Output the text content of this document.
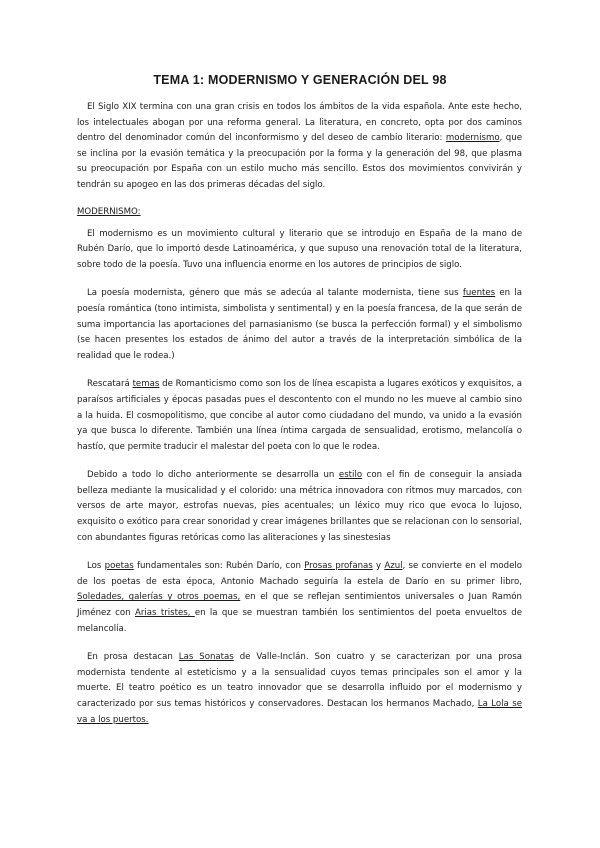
TEMA 1: MODERNISMO Y GENERACIÓN DEL 98

El Siglo XIX termina con una gran crisis en todos los ámbitos de la vida española. Ante este hecho, los intelectuales abogan por una reforma general. La literatura, en concreto, opta por dos caminos dentro del denominador común del inconformismo y del deseo de cambio literario: modernismo, que se inclina por la evasión temática y la preocupación por la forma y la generación del 98, que plasma su preocupación por España con un estilo mucho más sencillo. Estos dos movimientos convivirán y tendrán su apogeo en las dos primeras décadas del siglo.

MODERNISMO:

El modernismo es un movimiento cultural y literario que se introdujo en España de la mano de Rubén Darío, que lo importó desde Latinoamérica, y que supuso una renovación total de la literatura, sobre todo de la poesía. Tuvo una influencia enorme en los autores de principios de siglo.

La poesía modernista, género que más se adecúa al talante modernista, tiene sus fuentes en la poesía romántica (tono intimista, simbolista y sentimental) y en la poesía francesa, de la que serán de suma importancia las aportaciones del parnasianismo (se busca la perfección formal) y el simbolismo (se hacen presentes los estados de ánimo del autor a través de la interpretación simbólica de la realidad que le rodea.)

Rescatará temas de Romanticismo como son los de línea escapista a lugares exóticos y exquisitos, a paraísos artificiales y épocas pasadas pues el descontento con el mundo no les mueve al cambio sino a la huida. El cosmopolitismo, que concibe al autor como ciudadano del mundo, va unido a la evasión ya que busca lo diferente. También una línea íntima cargada de sensualidad, erotismo, melancolía o hastío, que permite traducir el malestar del poeta con lo que le rodea.

Debido a todo lo dicho anteriormente se desarrolla un estilo con el fin de conseguir la ansiada belleza mediante la musicalidad y el colorido: una métrica innovadora con ritmos muy marcados, con versos de arte mayor, estrofas nuevas, pies acentuales; un léxico muy rico que evoca lo lujoso, exquisito o exótico para crear sonoridad y crear imágenes brillantes que se relacionan con lo sensorial, con abundantes figuras retóricas como las aliteraciones y las sinestesias

Los poetas fundamentales son: Rubén Darío, con Prosas profanas y Azul, se convierte en el modelo de los poetas de esta época, Antonio Machado seguiría la estela de Darío en su primer libro, Soledades, galerías y otros poemas, en el que se reflejan sentimientos universales o Juan Ramón Jiménez con Arias tristes, en la que se muestran también los sentimientos del poeta envueltos de melancolía.

En prosa destacan Las Sonatas de Valle-Inclán. Son cuatro y se caracterizan por una prosa modernista tendente al esteticismo y a la sensualidad cuyos temas principales son el amor y la muerte. El teatro poético es un teatro innovador que se desarrolla influido por el modernismo y caracterizado por sus temas históricos y conservadores. Destacan los hermanos Machado, La Lola se va a los puertos.
